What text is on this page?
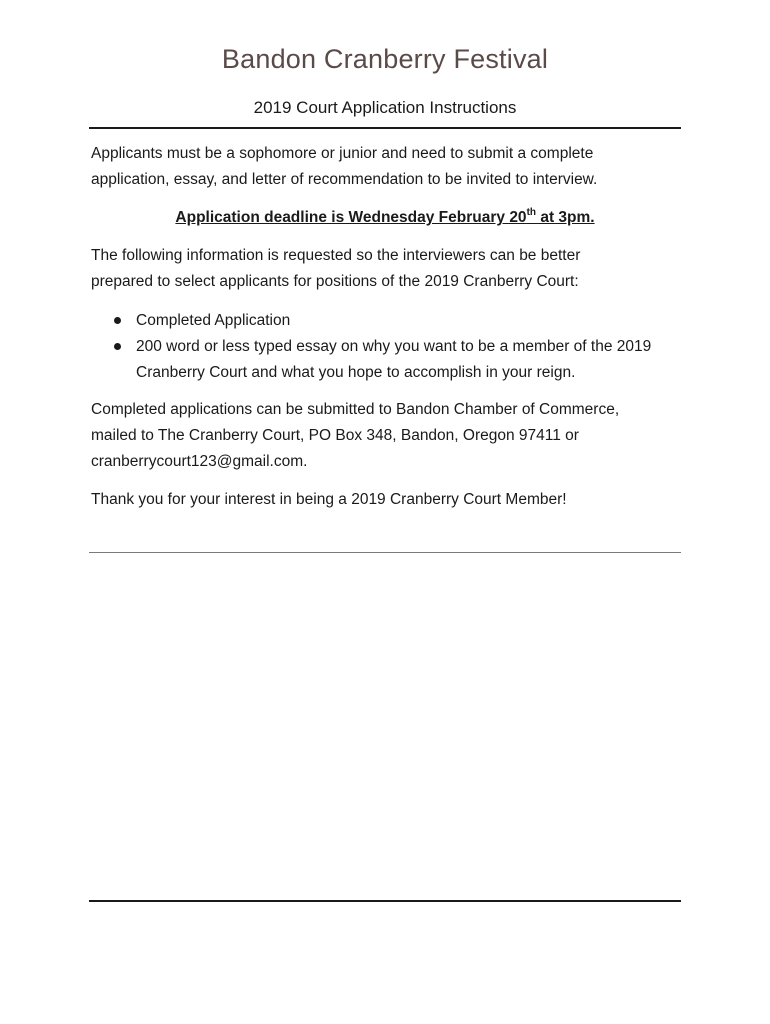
Bandon Cranberry Festival
2019 Court Application Instructions

Applicants must be a sophomore or junior and need to submit a complete
application, essay, and letter of recommendation to be invited to interview.

Application deadline is Wednesday February 20th at 3pm.

The following information is requested so the interviewers can be better
prepared to select applicants for positions of the 2019 Cranberry Court:

Completed Application
200 word or less typed essay on why you want to be a member of the 2019
Cranberry Court and what you hope to accomplish in your reign.

Completed applications can be submitted to Bandon Chamber of Commerce,
mailed to The Cranberry Court, PO Box 348, Bandon, Oregon 97411 or
cranberrycourt123@gmail.com.

Thank you for your interest in being a 2019 Cranberry Court Member!
